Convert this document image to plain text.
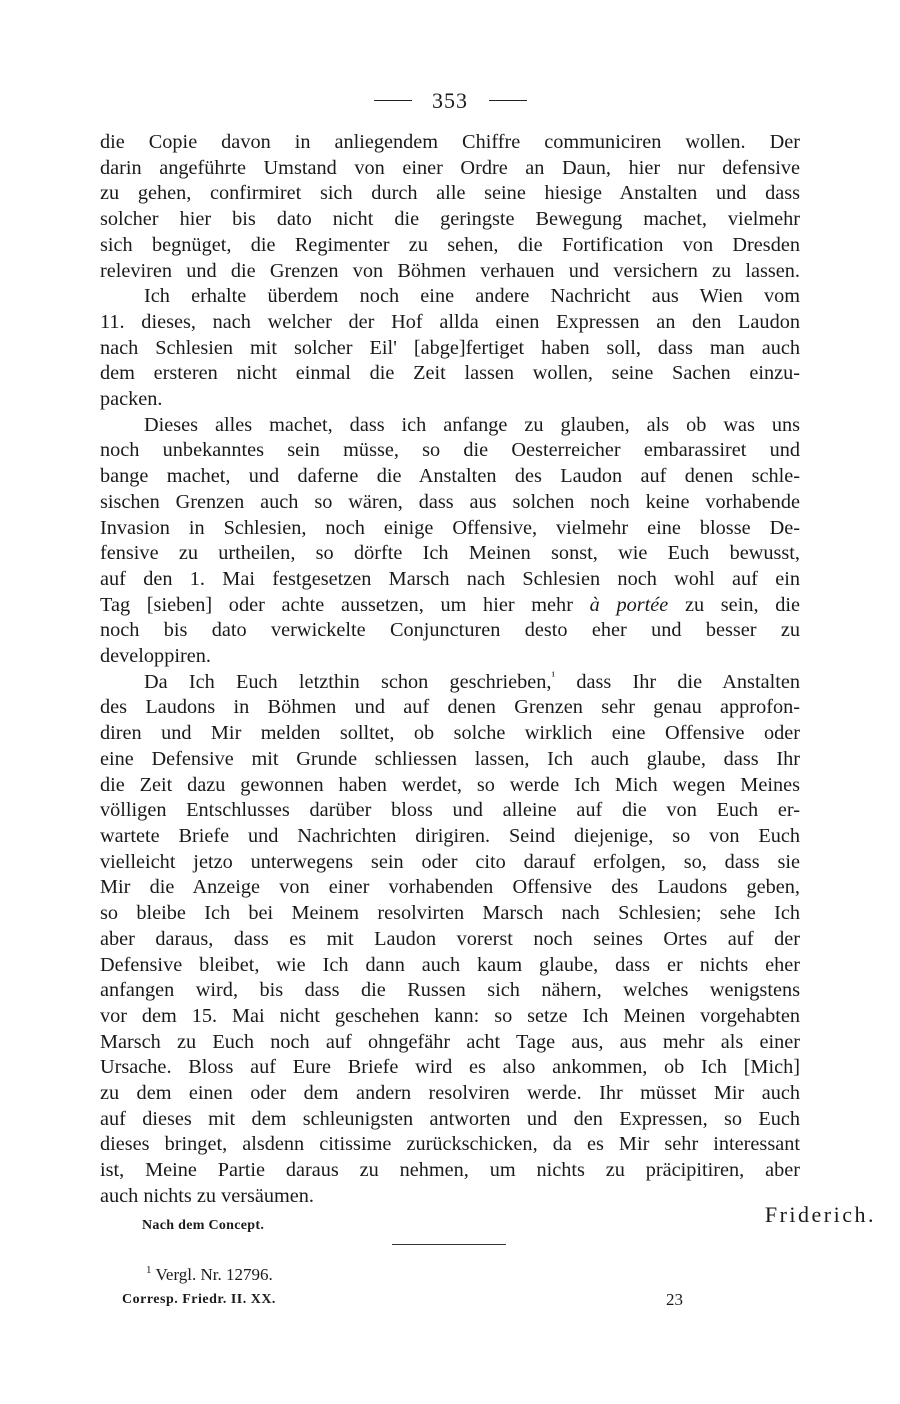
353
die Copie davon in anliegendem Chiffre communiciren wollen. Der
darin angeführte Umstand von einer Ordre an Daun, hier nur defensive
zu gehen, confirmiret sich durch alle seine hiesige Anstalten und dass
solcher hier bis dato nicht die geringste Bewegung machet, vielmehr
sich begnüget, die Regimenter zu sehen, die Fortification von Dresden
releviren und die Grenzen von Böhmen verhauen und versichern zu lassen.
Ich erhalte überdem noch eine andere Nachricht aus Wien vom
11. dieses, nach welcher der Hof allda einen Expressen an den Laudon
nach Schlesien mit solcher Eil' [abge]fertiget haben soll, dass man auch
dem ersteren nicht einmal die Zeit lassen wollen, seine Sachen einzu-
packen.
Dieses alles machet, dass ich anfange zu glauben, als ob was uns
noch unbekanntes sein müsse, so die Oesterreicher embarassiret und
bange machet, und daferne die Anstalten des Laudon auf denen schle-
sischen Grenzen auch so wären, dass aus solchen noch keine vorhabende
Invasion in Schlesien, noch einige Offensive, vielmehr eine blosse De-
fensive zu urtheilen, so dörfte Ich Meinen sonst, wie Euch bewusst,
auf den 1. Mai festgesetzen Marsch nach Schlesien noch wohl auf ein
Tag [sieben] oder achte aussetzen, um hier mehr à portée zu sein, die
noch bis dato verwickelte Conjuncturen desto eher und besser zu
developpiren.
Da Ich Euch letzthin schon geschrieben,$^{^1}$ dass Ihr die Anstalten
des Laudons in Böhmen und auf denen Grenzen sehr genau approfon-
diren und Mir melden solltet, ob solche wirklich eine Offensive oder
eine Defensive mit Grunde schliessen lassen, Ich auch glaube, dass Ihr
die Zeit dazu gewonnen haben werdet, so werde Ich Mich wegen Meines
völligen Entschlusses darüber bloss und alleine auf die von Euch er-
wartete Briefe und Nachrichten dirigiren. Seind diejenige, so von Euch
vielleicht jetzo unterwegens sein oder cito darauf erfolgen, so, dass sie
Mir die Anzeige von einer vorhabenden Offensive des Laudons geben,
so bleibe Ich bei Meinem resolvirten Marsch nach Schlesien; sehe Ich
aber daraus, dass es mit Laudon vorerst noch seines Ortes auf der
Defensive bleibet, wie Ich dann auch kaum glaube, dass er nichts eher
anfangen wird, bis dass die Russen sich nähern, welches wenigstens
vor dem 15. Mai nicht geschehen kann: so setze Ich Meinen vorgehabten
Marsch zu Euch noch auf ohngefähr acht Tage aus, aus mehr als einer
Ursache. Bloss auf Eure Briefe wird es also ankommen, ob Ich [Mich]
zu dem einen oder dem andern resolviren werde. Ihr müsset Mir auch
auf dieses mit dem schleunigsten antworten und den Expressen, so Euch
dieses bringet, alsdenn citissime zurückschicken, da es Mir sehr interessant
ist, Meine Partie daraus zu nehmen, um nichts zu präcipitiren, aber
auch nichts zu versäumen.
Nach dem Concept.	Friderich.
$^1$ Vergl. Nr. 12796.
Corresp. Friedr. II. XX.	23
